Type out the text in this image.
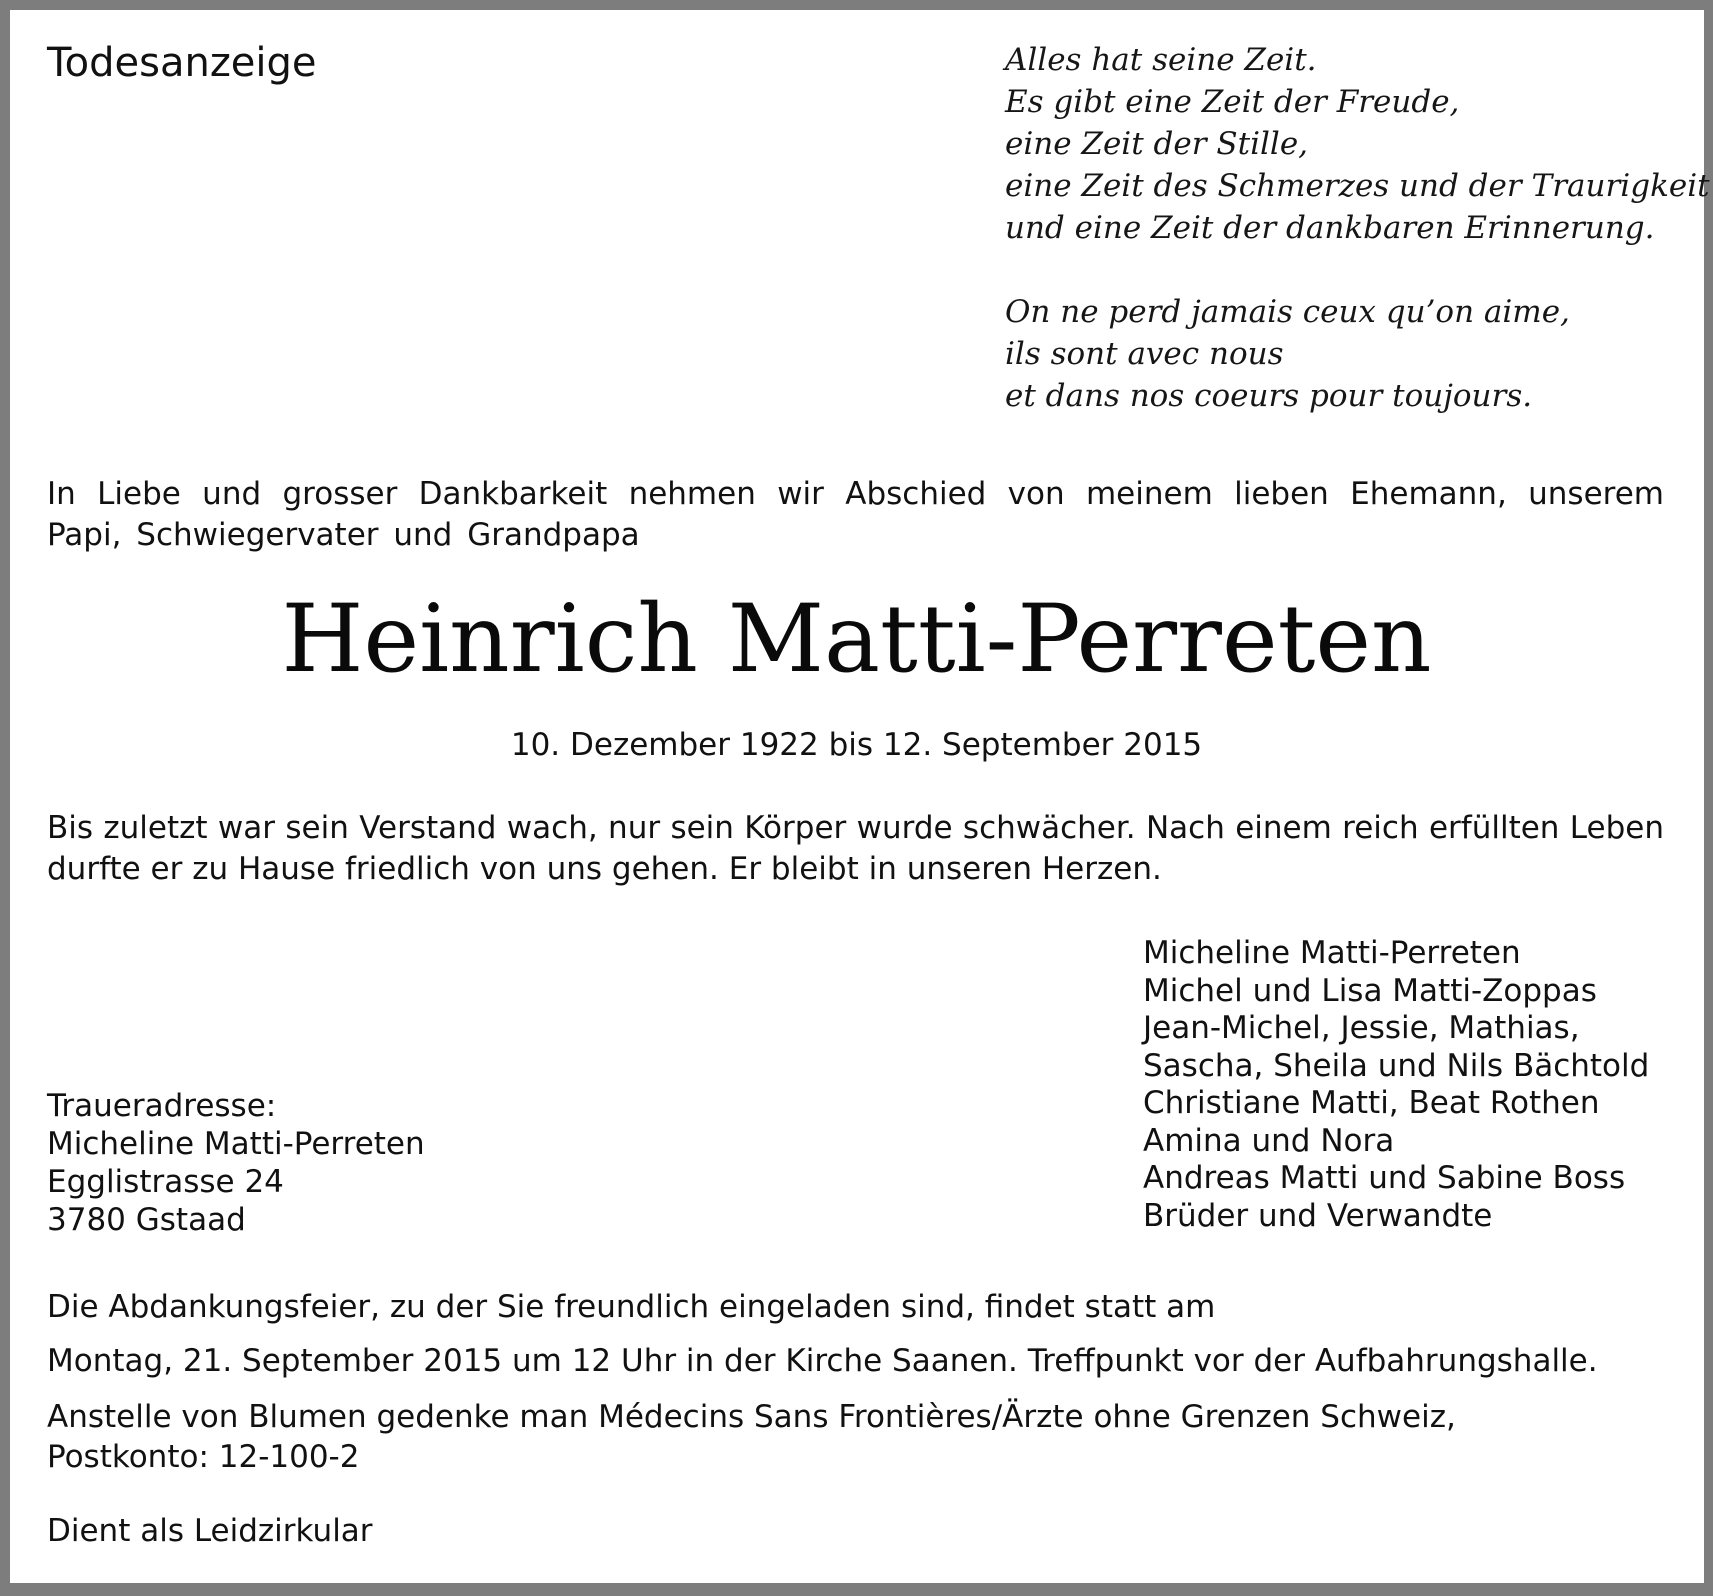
Todesanzeige	Alles hat seine Zeit.
Es gibt eine Zeit der Freude,
eine Zeit der Stille,
eine Zeit des Schmerzes und der Traurigkeit
und eine Zeit der dankbaren Erinnerung.
On ne perd jamais ceux qu’on aime,
ils sont avec nous
et dans nos coeurs pour toujours.

In Liebe und grosser Dankbarkeit nehmen wir Abschied von meinem lieben Ehemann, unserem Papi, Schwiegervater und Grandpapa

Heinrich Matti-Perreten
10. Dezember 1922 bis 12. September 2015

Bis zuletzt war sein Verstand wach, nur sein Körper wurde schwächer. Nach einem reich erfüllten Leben durfte er zu Hause friedlich von uns gehen. Er bleibt in unseren Herzen.

Micheline Matti-Perreten
Michel und Lisa Matti-Zoppas
Jean-Michel, Jessie, Mathias,
Sascha, Sheila und Nils Bächtold
Christiane Matti, Beat Rothen
Amina und Nora
Andreas Matti und Sabine Boss
Brüder und Verwandte
Traueradresse:
Micheline Matti-Perreten
Egglistrasse 24
3780 Gstaad
Die Abdankungsfeier, zu der Sie freundlich eingeladen sind, findet statt am
Montag, 21. September 2015 um 12 Uhr in der Kirche Saanen. Treffpunkt vor der Aufbahrungshalle.
Anstelle von Blumen gedenke man Médecins Sans Frontières/Ärzte ohne Grenzen Schweiz,
Postkonto: 12-100-2
Dient als Leidzirkular
